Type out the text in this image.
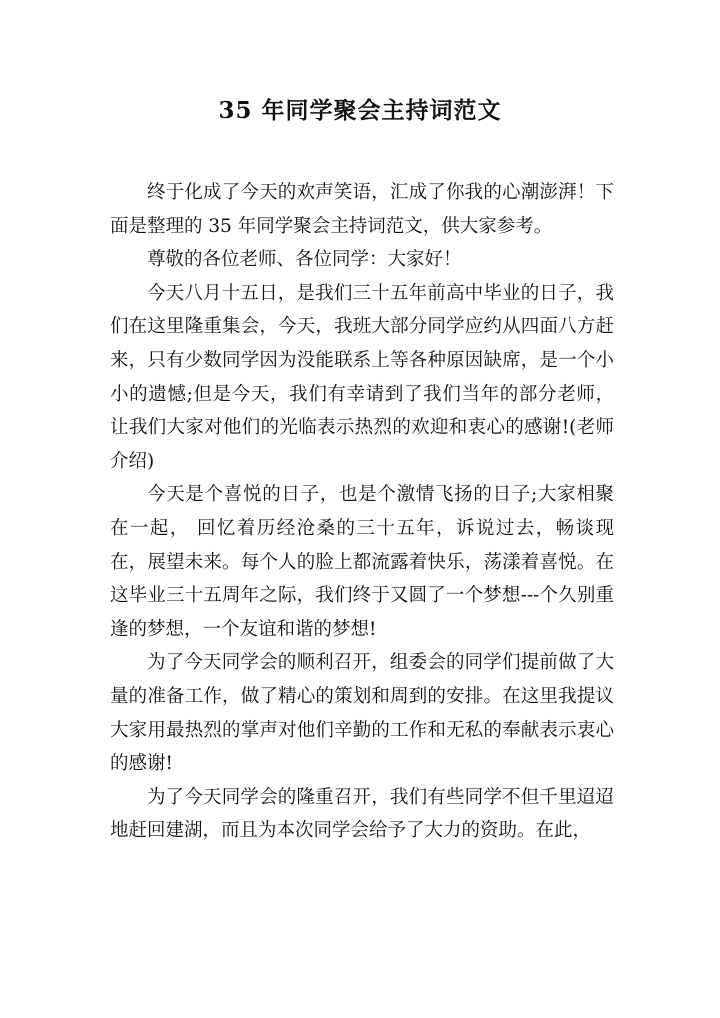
35 年同学聚会主持词范文

终于化成了今天的欢声笑语，汇成了你我的心潮澎湃！下面是整理的 35 年同学聚会主持词范文，供大家参考。

尊敬的各位老师、各位同学：大家好！

今天八月十五日，是我们三十五年前高中毕业的日子，我们在这里隆重集会，今天，我班大部分同学应约从四面八方赶来，只有少数同学因为没能联系上等各种原因缺席，是一个小小的遗憾;但是今天，我们有幸请到了我们当年的部分老师，让我们大家对他们的光临表示热烈的欢迎和衷心的感谢!(老师介绍)

今天是个喜悦的日子，也是个激情飞扬的日子;大家相聚在一起， 回忆着历经沧桑的三十五年，诉说过去，畅谈现在，展望未来。每个人的脸上都流露着快乐，荡漾着喜悦。在这毕业三十五周年之际，我们终于又圆了一个梦想---个久别重逢的梦想，一个友谊和谐的梦想!

为了今天同学会的顺利召开，组委会的同学们提前做了大量的准备工作，做了精心的策划和周到的安排。在这里我提议大家用最热烈的掌声对他们辛勤的工作和无私的奉献表示衷心的感谢!

为了今天同学会的隆重召开，我们有些同学不但千里迢迢地赶回建湖，而且为本次同学会给予了大力的资助。在此，
